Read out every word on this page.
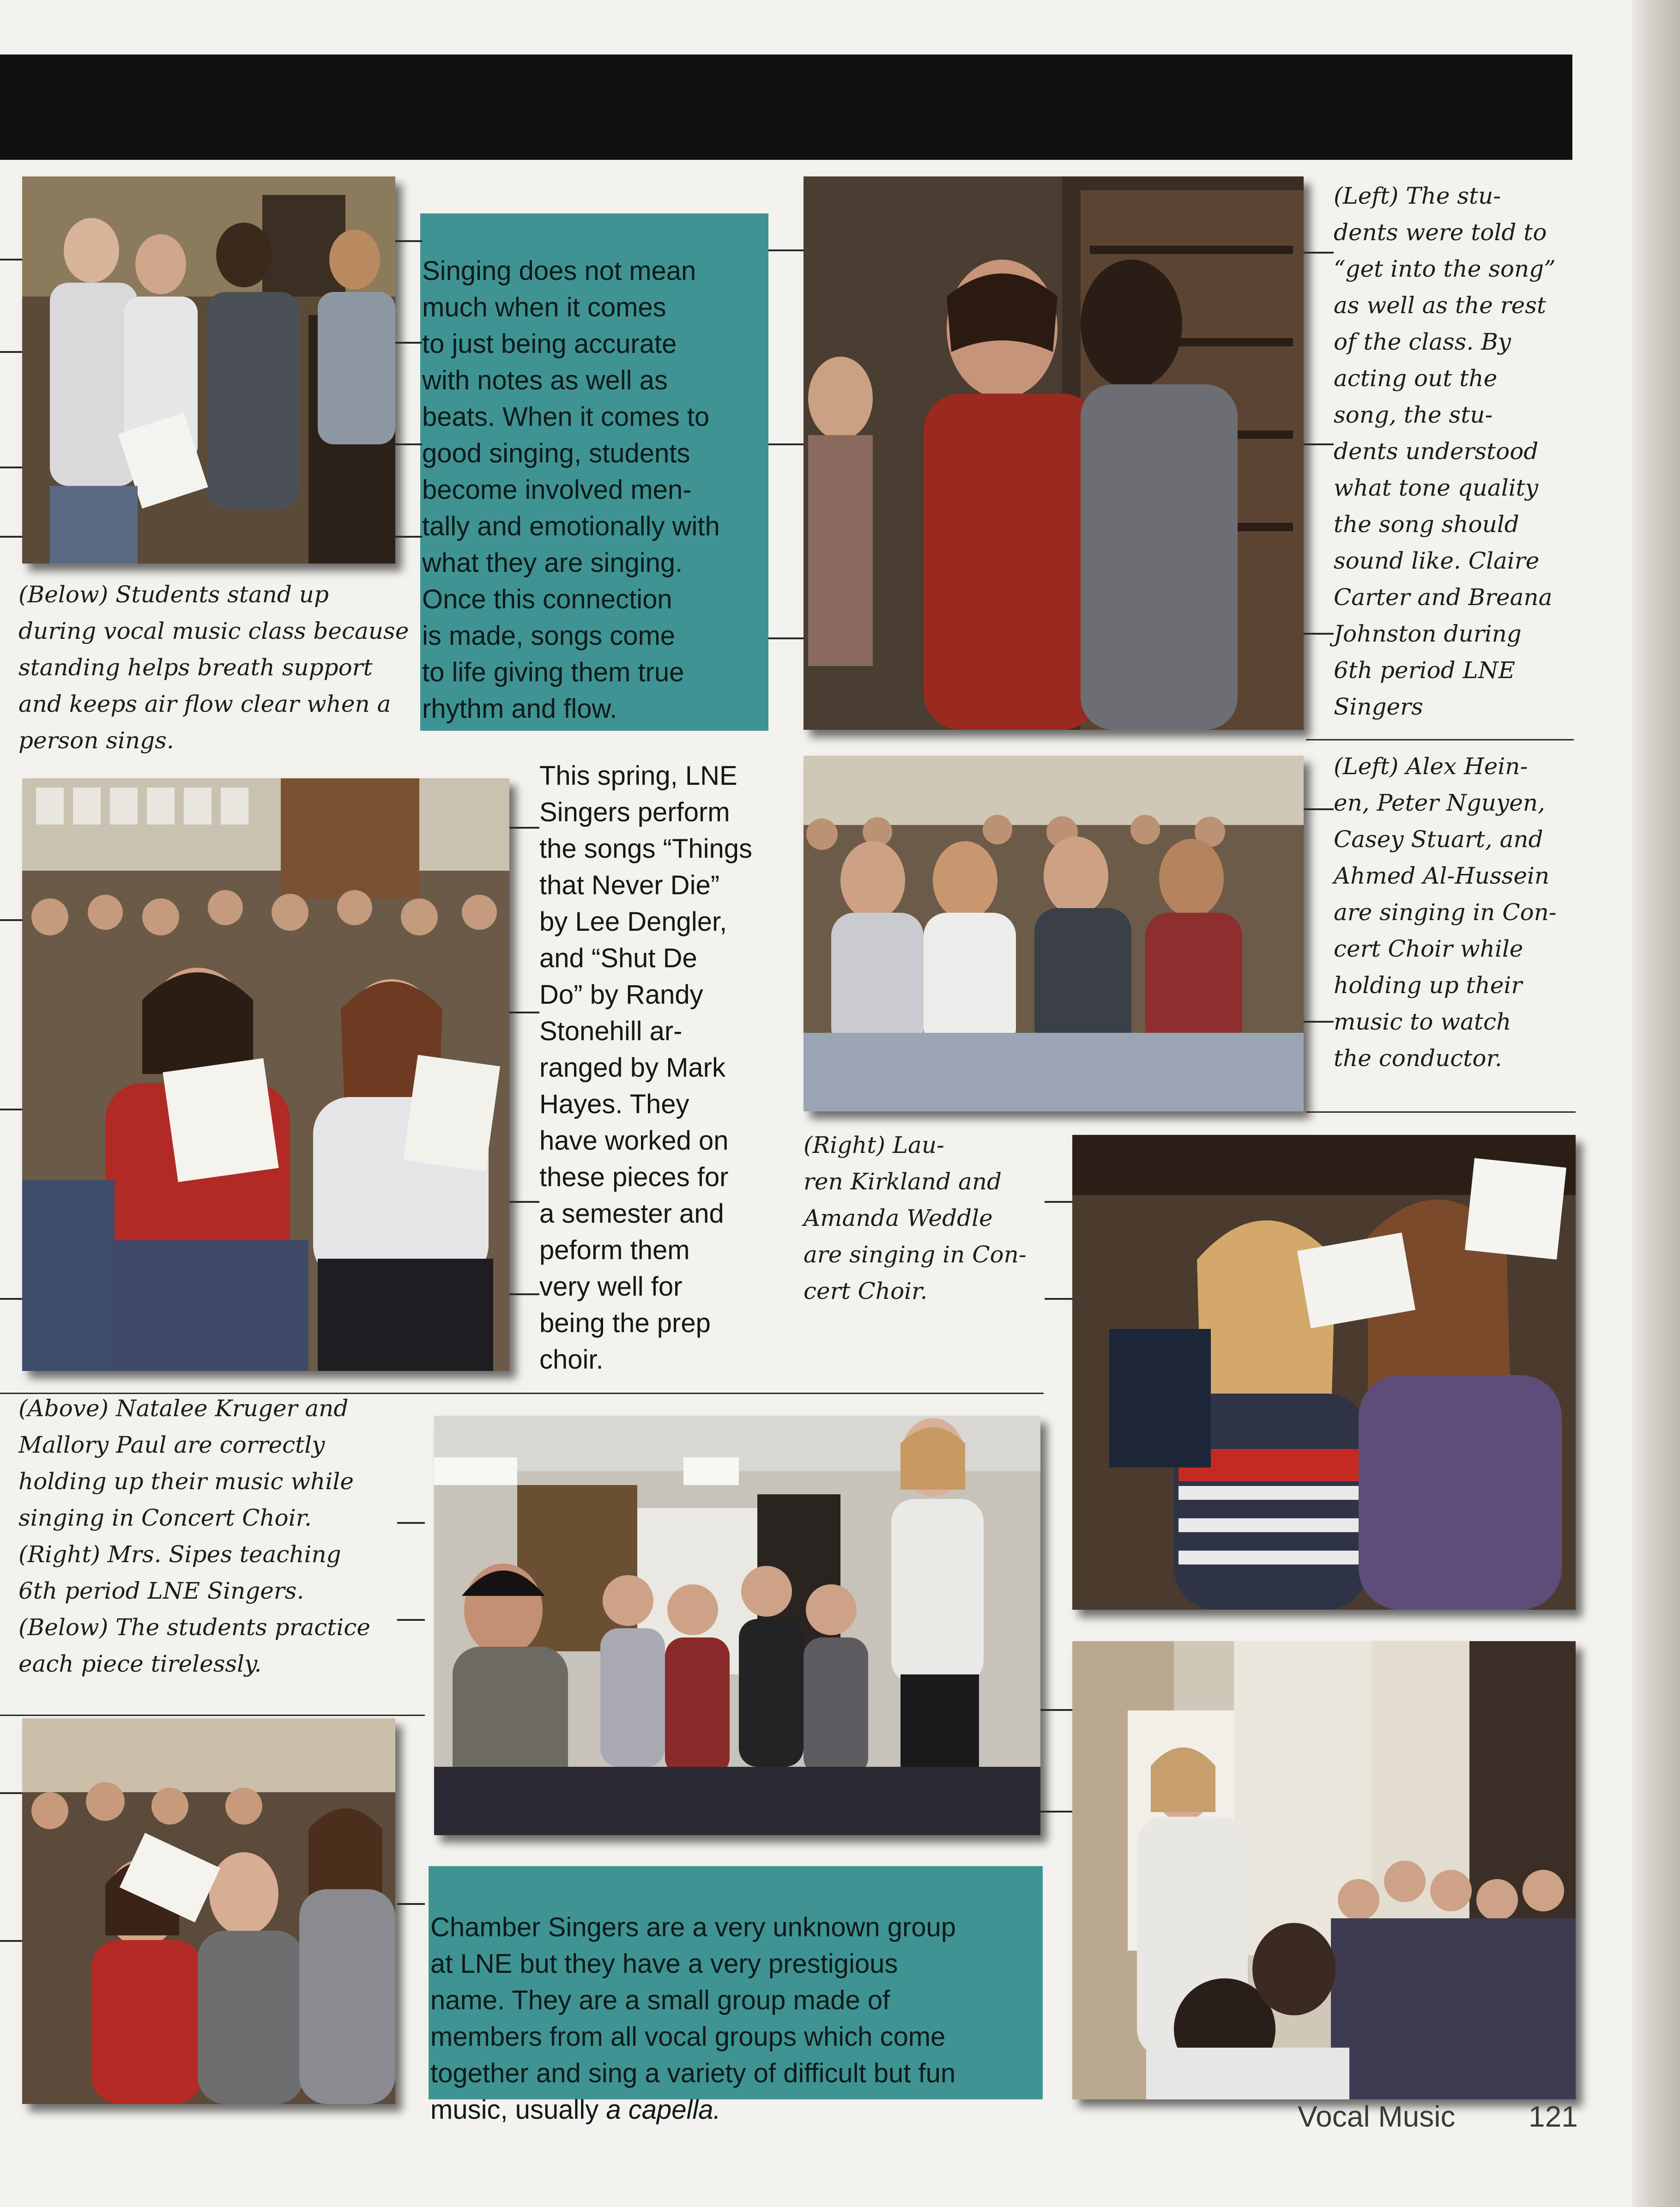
Singing does not mean
much when it comes
to just being accurate
with notes as well as
beats. When it comes to
good singing, students
become involved men-
tally and emotionally with
what they are singing.
Once this connection
is made, songs come
to life giving them true
rhythm and flow.

This spring, LNE
Singers perform
the songs “Things
that Never Die”
by Lee Dengler,
and “Shut De
Do” by Randy
Stonehill ar-
ranged by Mark
Hayes. They
have worked on
these pieces for
a semester and
peform them
very well for
being the prep
choir.

Chamber Singers are a very unknown group
at LNE but they have a very prestigious
name. They are a small group made of
members from all vocal groups which come
together and sing a variety of difficult but fun
music, usually a capella.

(Below) Students stand up
during vocal music class because
standing helps breath support
and keeps air flow clear when a
person sings.
(Left) The stu-
dents were told to
“get into the song”
as well as the rest
of the class. By
acting out the
song, the stu-
dents understood
what tone quality
the song should
sound like. Claire
Carter and Breana
Johnston during
6th period LNE
Singers
(Left) Alex Hein-
en, Peter Nguyen,
Casey Stuart, and
Ahmed Al-Hussein
are singing in Con-
cert Choir while
holding up their
music to watch
the conductor.
(Right) Lau-
ren Kirkland and
Amanda Weddle
are singing in Con-
cert Choir.
(Above) Natalee Kruger and
Mallory Paul are correctly
holding up their music while
singing in Concert Choir.
(Right) Mrs. Sipes teaching
6th period LNE Singers.
(Below) The students practice
each piece tirelessly.
Vocal Music 121
